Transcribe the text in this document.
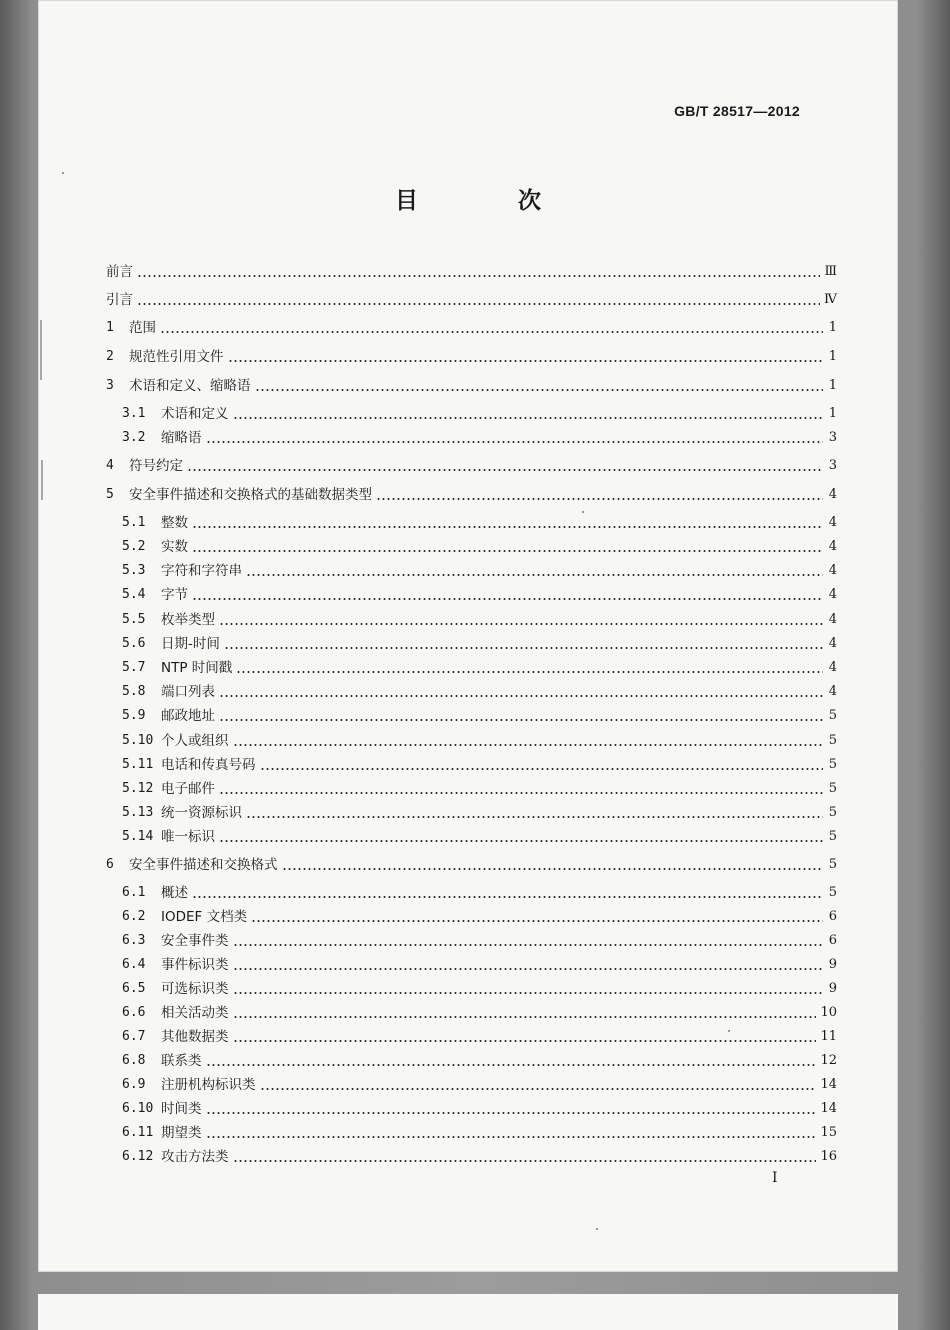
GB/T 28517—2012
目 次
前言	Ⅲ
引言	Ⅳ
1	范围	1
2	规范性引用文件	1
3	术语和定义、缩略语	1
3.1	术语和定义	1
3.2	缩略语	3
4	符号约定	3
5	安全事件描述和交换格式的基础数据类型	4
5.1	整数	4
5.2	实数	4
5.3	字符和字符串	4
5.4	字节	4
5.5	枚举类型	4
5.6	日期-时间	4
5.7	NTP 时间戳	4
5.8	端口列表	4
5.9	邮政地址	5
5.10 个人或组织	5
5.11 电话和传真号码	5
5.12 电子邮件	5
5.13 统一资源标识	5
5.14 唯一标识	5
6	安全事件描述和交换格式	5
6.1	概述	5
6.2	IODEF 文档类	6
6.3	安全事件类	6
6.4	事件标识类	9
6.5	可选标识类	9
6.6	相关活动类	10
6.7	其他数据类	11
6.8	联系类	12
6.9	注册机构标识类	14
6.10 时间类	14
6.11 期望类	15
6.12 攻击方法类	16
I
